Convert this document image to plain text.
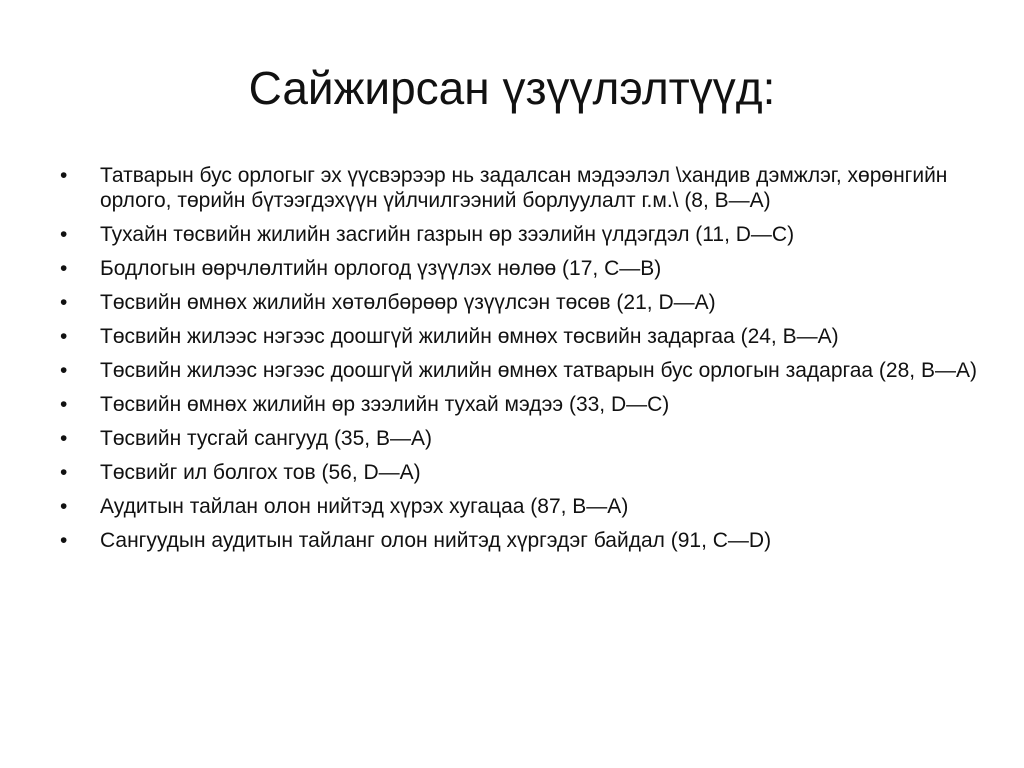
Сайжирсан үзүүлэлтүүд:
• Татварын бус орлогыг эх үүсвэрээр нь задалсан мэдээлэл \хандив дэмжлэг, хөрөнгийн орлого, төрийн бүтээгдэхүүн үйлчилгээний борлуулалт г.м.\ (8, B—A)
• Тухайн төсвийн жилийн засгийн газрын өр зээлийн үлдэгдэл (11, D—C)
• Бодлогын өөрчлөлтийн орлогод үзүүлэх нөлөө (17, C—B)
• Төсвийн өмнөх жилийн хөтөлбөрөөр үзүүлсэн төсөв (21, D—A)
• Төсвийн жилээс нэгээс доошгүй жилийн өмнөх төсвийн задаргаа (24, B—A)
• Төсвийн жилээс нэгээс доошгүй жилийн өмнөх татварын бус орлогын задаргаа (28, B—A)
• Төсвийн өмнөх жилийн өр зээлийн тухай мэдээ (33, D—C)
• Төсвийн тусгай сангууд (35, B—A)
• Төсвийг ил болгох тов (56, D—A)
• Аудитын тайлан олон нийтэд хүрэх хугацаа (87, B—A)
• Сангуудын аудитын тайланг олон нийтэд хүргэдэг байдал (91, C—D)
